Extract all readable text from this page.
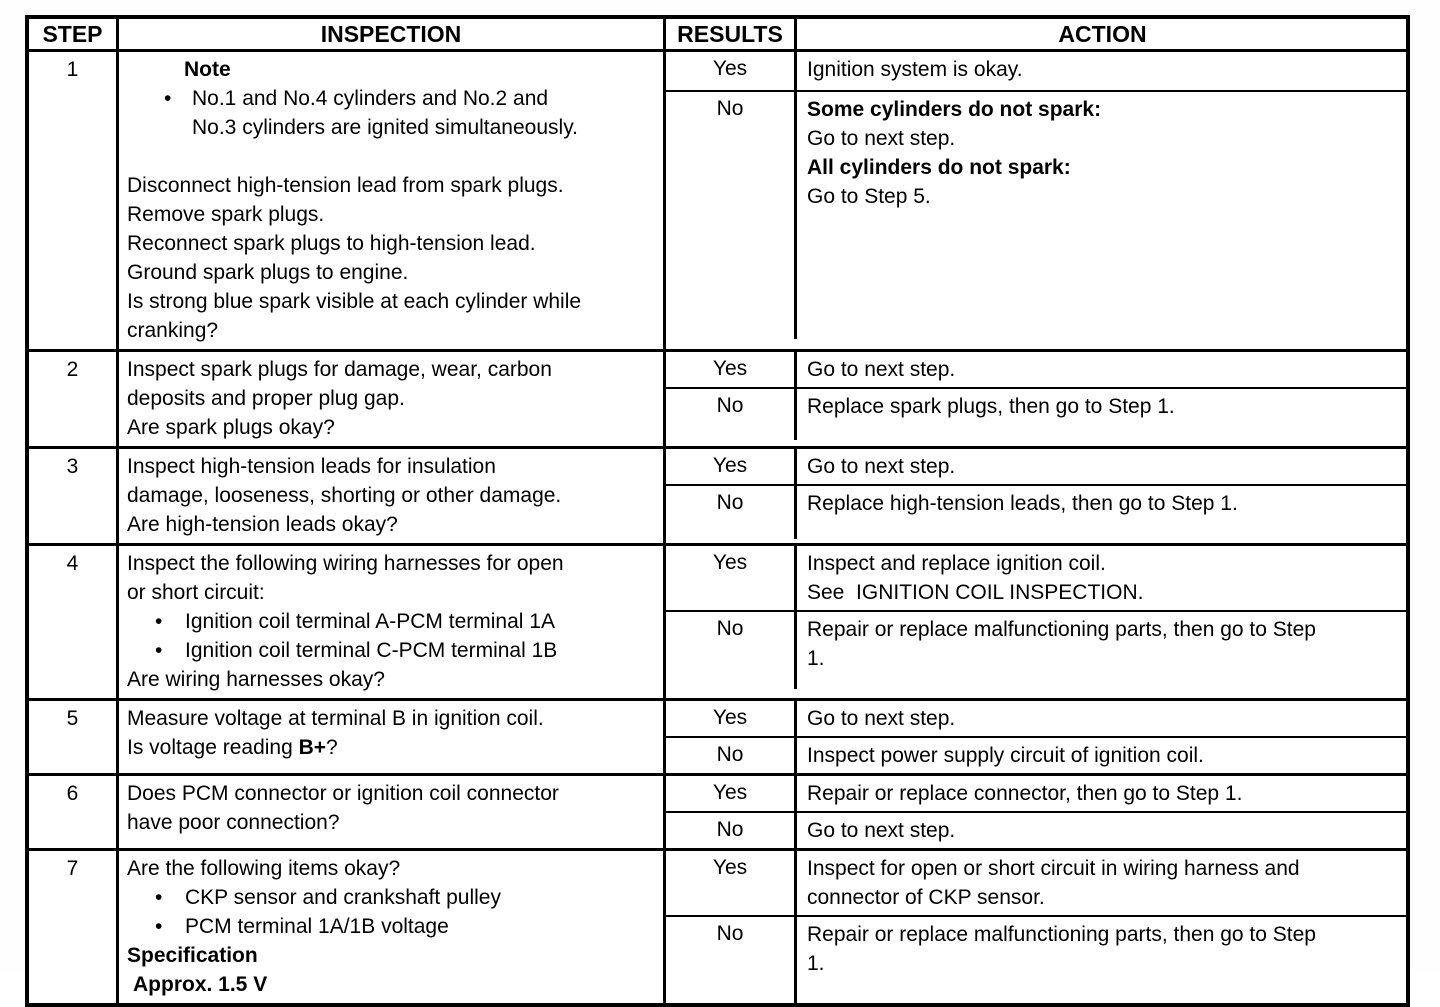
STEP	INSPECTION	RESULTS	ACTION
1	Note
• No.1 and No.4 cylinders and No.2 and
No.3 cylinders are ignited simultaneously.
Disconnect high-tension lead from spark plugs.
Remove spark plugs.
Reconnect spark plugs to high-tension lead.
Ground spark plugs to engine.
Is strong blue spark visible at each cylinder while
cranking?
Yes	Ignition system is okay.
No	Some cylinders do not spark:
Go to next step.
All cylinders do not spark:
Go to Step 5.
2	Inspect spark plugs for damage, wear, carbon
deposits and proper plug gap.
Are spark plugs okay?
Yes	Go to next step.
No	Replace spark plugs, then go to Step 1.
3	Inspect high-tension leads for insulation
damage, looseness, shorting or other damage.
Are high-tension leads okay?
Yes	Go to next step.
No	Replace high-tension leads, then go to Step 1.
4	Inspect the following wiring harnesses for open
or short circuit:
•	Ignition coil terminal A-PCM terminal 1A
•	Ignition coil terminal C-PCM terminal 1B
Are wiring harnesses okay?
Yes	Inspect and replace ignition coil.
See  IGNITION COIL INSPECTION.
No	Repair or replace malfunctioning parts, then go to Step
1.
5	Measure voltage at terminal B in ignition coil.
Is voltage reading B+?
Yes	Go to next step.
No	Inspect power supply circuit of ignition coil.
6	Does PCM connector or ignition coil connector
have poor connection?
Yes	Repair or replace connector, then go to Step 1.
No	Go to next step.
7	Are the following items okay?
•	CKP sensor and crankshaft pulley
•	PCM terminal 1A/1B voltage
Specification
Approx. 1.5 V
Yes	Inspect for open or short circuit in wiring harness and
connector of CKP sensor.
No	Repair or replace malfunctioning parts, then go to Step
1.
